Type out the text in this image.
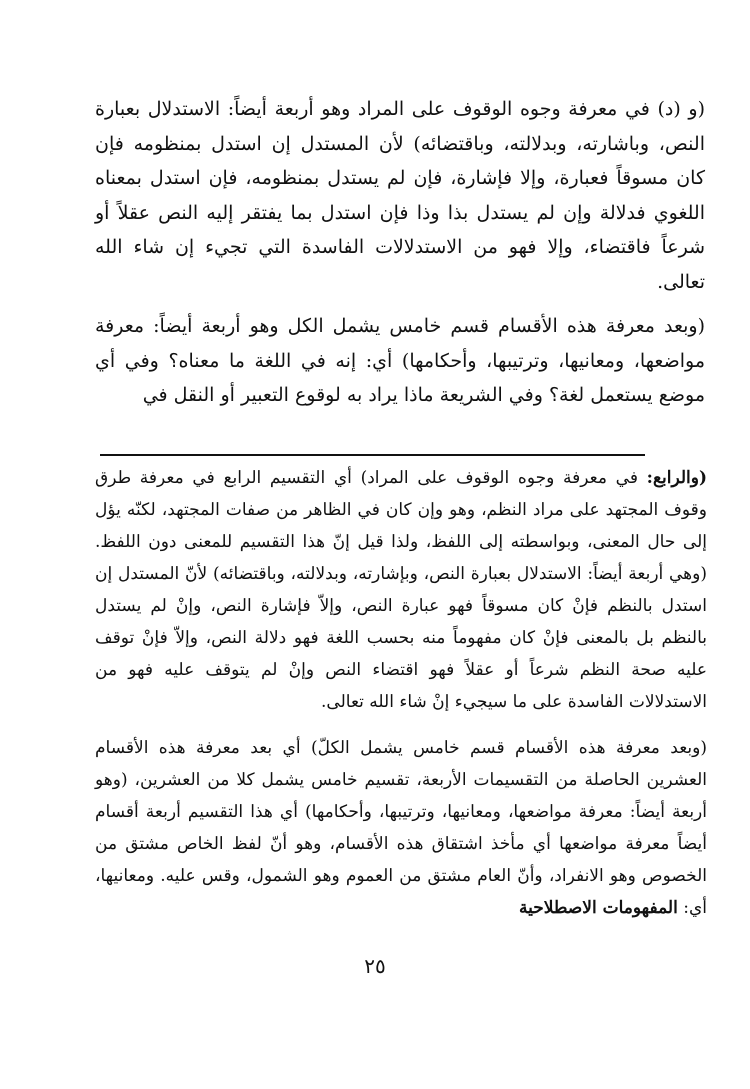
(و (د) في معرفة وجوه الوقوف على المراد وهو أربعة أيضاً: الاستدلال بعبارة النص، وباشارته، وبدلالته، وباقتضائه) لأن المستدل إن استدل بمنظومه فإن كان مسوقاً فعبارة، وإلا فإشارة، فإن لم يستدل بمنظومه، فإن استدل بمعناه اللغوي فدلالة وإن لم يستدل بذا وذا فإن استدل بما يفتقر إليه النص عقلاً أو شرعاً فاقتضاء، وإلا فهو من الاستدلالات الفاسدة التي تجيء إن شاء الله تعالى.

(وبعد معرفة هذه الأقسام قسم خامس يشمل الكل وهو أربعة أيضاً: معرفة مواضعها، ومعانيها، وترتيبها، وأحكامها) أي: إنه في اللغة ما معناه؟ وفي أي موضع يستعمل لغة؟ وفي الشريعة ماذا يراد به لوقوع التعبير أو النقل في

(والرابع: في معرفة وجوه الوقوف على المراد) أي التقسيم الرابع في معرفة طرق وقوف المجتهد على مراد النظم، وهو وإن كان في الظاهر من صفات المجتهد، لكنّه يؤل إلى حال المعنى، وبواسطته إلى اللفظ، ولذا قيل إنّ هذا التقسيم للمعنى دون اللفظ. (وهي أربعة أيضاً: الاستدلال بعبارة النص، وبإشارته، وبدلالته، وباقتضائه) لأنّ المستدل إن استدل بالنظم فإنْ كان مسوقاً فهو عبارة النص، وإلاّ فإشارة النص، وإنْ لم يستدل بالنظم بل بالمعنى فإنْ كان مفهوماً منه بحسب اللغة فهو دلالة النص، وإلاّ فإنْ توقف عليه صحة النظم شرعاً أو عقلاً فهو اقتضاء النص وإنْ لم يتوقف عليه فهو من الاستدلالات الفاسدة على ما سيجيء إنْ شاء الله تعالى.

(وبعد معرفة هذه الأقسام قسم خامس يشمل الكلّ) أي بعد معرفة هذه الأقسام العشرين الحاصلة من التقسيمات الأربعة، تقسيم خامس يشمل كلا من العشرين، (وهو أربعة أيضاً: معرفة مواضعها، ومعانيها، وترتيبها، وأحكامها) أي هذا التقسيم أربعة أقسام أيضاً معرفة مواضعها أي مأخذ اشتقاق هذه الأقسام، وهو أنّ لفظ الخاص مشتق من الخصوص وهو الانفراد، وأنّ العام مشتق من العموم وهو الشمول، وقس عليه. ومعانيها، أي: المفهومات الاصطلاحية

٢٥
